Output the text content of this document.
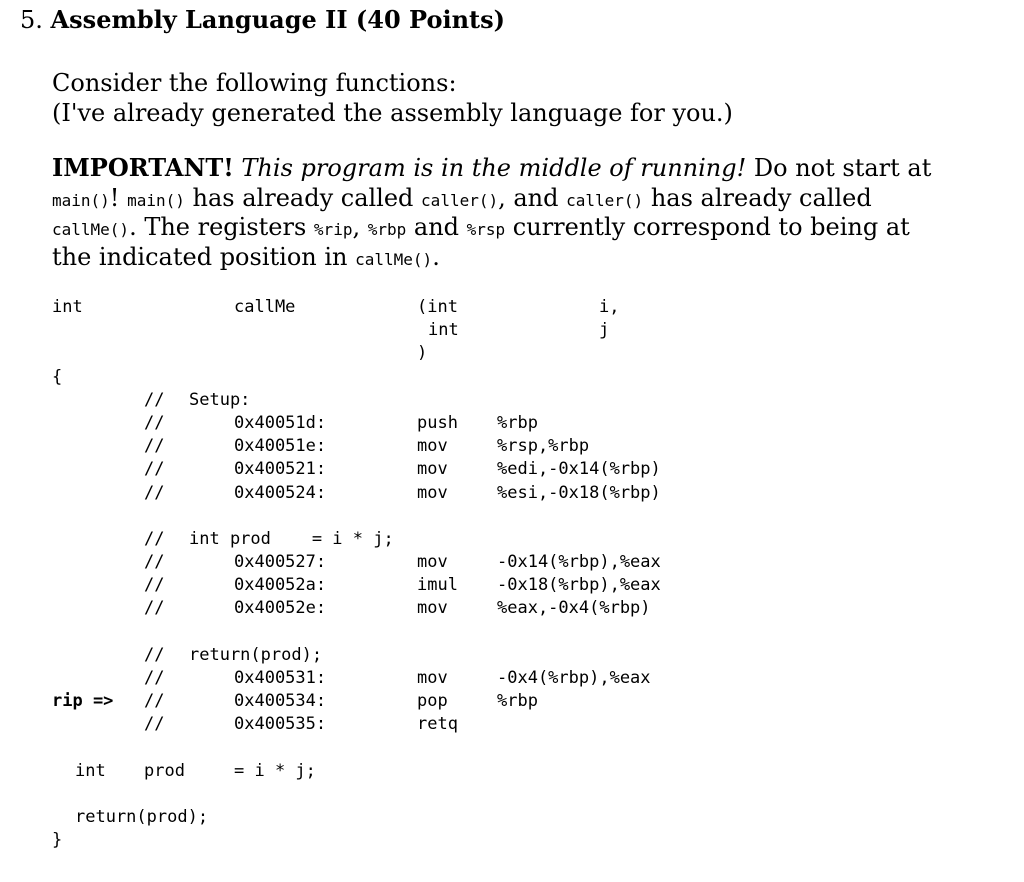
5. Assembly Language II (40 Points)
Consider the following functions:
(I've already generated the assembly language for you.)
IMPORTANT! This program is in the middle of running! Do not start at
main()! main() has already called caller(), and caller() has already called
callMe(). The registers %rip, %rbp and %rsp currently correspond to being at
the indicated position in callMe().
int	callMe	(int	i,
int	j
)
{
// Setup:
//	0x40051d:	push %rbp
//	0x40051e:	mov	%rsp,%rbp
//	0x400521:	mov	%edi,-0x14(%rbp)
//	0x400524:	mov	%esi,-0x18(%rbp)
// int prod    = i * j;
//	0x400527:	mov	-0x14(%rbp),%eax
//	0x40052a:	imul -0x18(%rbp),%eax
//	0x40052e:	mov	%eax,-0x4(%rbp)
// return(prod);
//	0x400531:	mov	-0x4(%rbp),%eax
rip => //	0x400534:	pop	%rbp
//	0x400535:	retq
int prod	= i * j;
return(prod);
}
